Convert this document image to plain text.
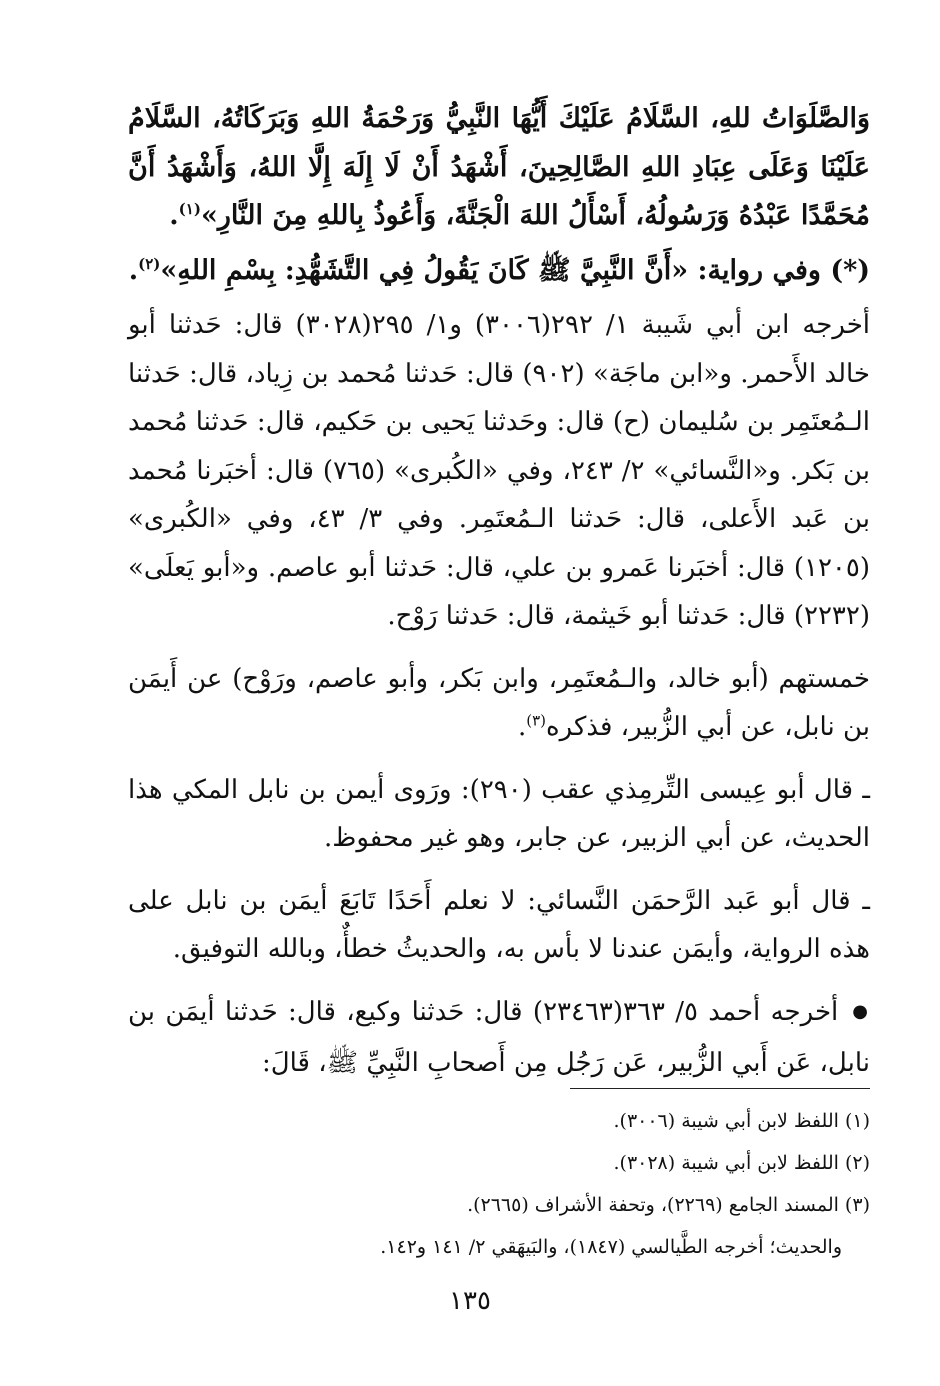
وَالصَّلَوَاتُ للهِ، السَّلَامُ عَلَيْكَ أَيُّهَا النَّبِيُّ وَرَحْمَةُ اللهِ وَبَرَكَاتُهُ، السَّلَامُ عَلَيْنَا وَعَلَى عِبَادِ اللهِ الصَّالِحِينَ، أَشْهَدُ أَنْ لَا إِلَهَ إِلَّا اللهُ، وَأَشْهَدُ أَنَّ مُحَمَّدًا عَبْدُهُ وَرَسُولُهُ، أَسْأَلُ اللهَ الْجَنَّةَ، وَأَعُوذُ بِاللهِ مِنَ النَّارِ»$^{(١)}$.

(*) وفي رواية: «أَنَّ النَّبِيَّ ﷺ كَانَ يَقُولُ فِي التَّشَهُّدِ: بِسْمِ اللهِ»$^{(٢)}$.

أخرجه ابن أبي شَيبة ١/ ٢٩٢(٣٠٠٦) و١/ ٢٩٥(٣٠٢٨) قال: حَدثنا أبو خالد الأَحمر. و«ابن ماجَة» (٩٠٢) قال: حَدثنا مُحمد بن زِياد، قال: حَدثنا الـمُعتَمِر بن سُليمان (ح) قال: وحَدثنا يَحيى بن حَكيم، قال: حَدثنا مُحمد بن بَكر. و«النَّسائي» ٢/ ٢٤٣، وفي «الكُبرى» (٧٦٥) قال: أخبَرنا مُحمد بن عَبد الأَعلى، قال: حَدثنا الـمُعتَمِر. وفي ٣/ ٤٣، وفي «الكُبرى» (١٢٠٥) قال: أخبَرنا عَمرو بن علي، قال: حَدثنا أبو عاصم. و«أبو يَعلَى» (٢٢٣٢) قال: حَدثنا أبو خَيثمة، قال: حَدثنا رَوْح.

خمستهم (أبو خالد، والـمُعتَمِر، وابن بَكر، وأبو عاصم، ورَوْح) عن أَيمَن بن نابل، عن أبي الزُّبير، فذكره$^{(٣)}$.

ـ قال أبو عِيسى التِّرمِذي عقب (٢٩٠): ورَوى أيمن بن نابل المكي هذا الحديث، عن أبي الزبير، عن جابر، وهو غير محفوظ.

ـ قال أبو عَبد الرَّحمَن النَّسائي: لا نعلم أَحَدًا تَابَعَ أيمَن بن نابل على هذه الرواية، وأيمَن عندنا لا بأس به، والحديثُ خطأٌ، وبالله التوفيق.

●أخرجه أحمد ٥/ ٣٦٣(٢٣٤٦٣) قال: حَدثنا وكيع، قال: حَدثنا أيمَن بن نابل، عَن أَبي الزُّبير، عَن رَجُل مِن أَصحابِ النَّبِيِّ ﷺ، قَالَ:

(١) اللفظ لابن أبي شيبة (٣٠٠٦).

(٢) اللفظ لابن أبي شيبة (٣٠٢٨).

(٣) المسند الجامع (٢٢٦٩)، وتحفة الأشراف (٢٦٦٥).

والحديث؛ أخرجه الطَّيالسي (١٨٤٧)، والبَيهَقي ٢/ ١٤١ و١٤٢.

١٣٥
